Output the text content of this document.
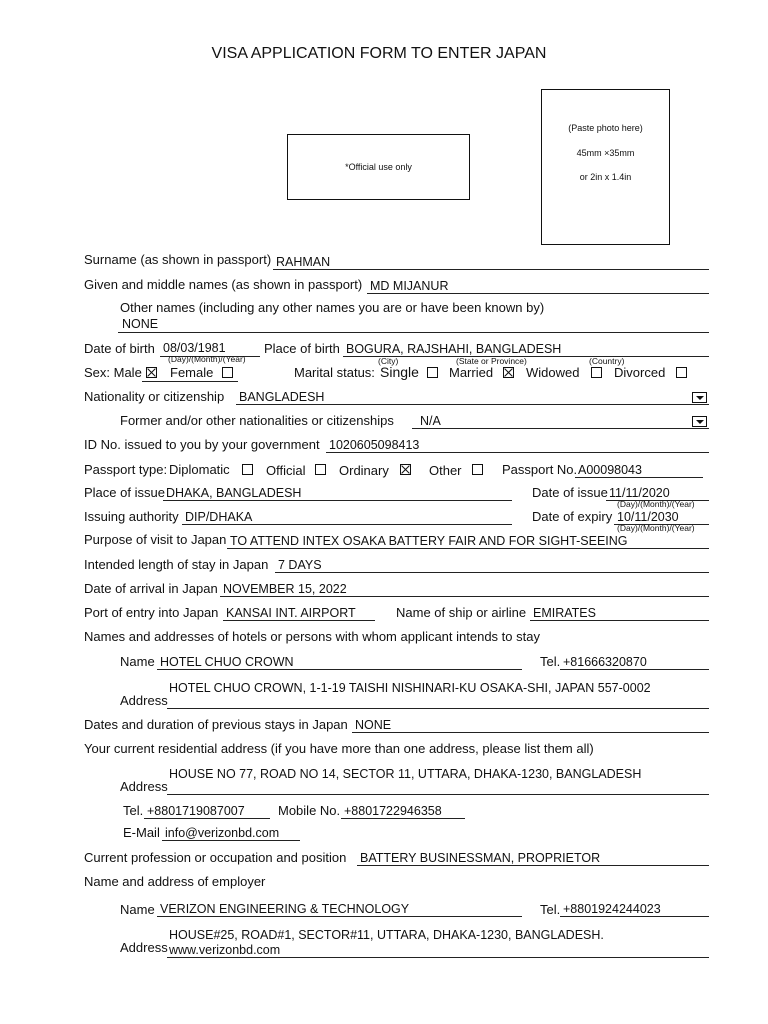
VISA APPLICATION FORM TO ENTER JAPAN
*Official use only
(Paste photo here)
45mm ×35mm
or 2in x 1.4in
Surname (as shown in passport) RAHMAN
Given and middle names (as shown in passport) MD MIJANUR
Other names (including any other names you are or have been known by)
NONE
Date of birth 08/03/1981
(Day)/(Month)/(Year)
Place of birth BOGURA, RAJSHAHI, BANGLADESH
(City)	(State or Province)	(Country)
Sex: Male Female	Marital status: Single Married	Widowed	Divorced
Nationality or citizenship BANGLADESH
Former and/or other nationalities or citizenships N/A
ID No. issued to you by your government 1020605098413
Passport type: Diplomatic	Official	Ordinary	Other	Passport No. A00098043
Place of issue DHAKA, BANGLADESH	Date of issue 11/11/2020
(Day)/(Month)/(Year)
Issuing authority DIP/DHAKA	Date of expiry 10/11/2030
(Day)/(Month)/(Year)
Purpose of visit to Japan TO ATTEND INTEX OSAKA BATTERY FAIR AND FOR SIGHT-SEEING
Intended length of stay in Japan 7 DAYS
Date of arrival in Japan NOVEMBER 15, 2022
Port of entry into Japan KANSAI INT. AIRPORT	Name of ship or airline EMIRATES
Names and addresses of hotels or persons with whom applicant intends to stay
Name HOTEL CHUO CROWN	Tel. +81666320870
HOTEL CHUO CROWN, 1-1-19 TAISHI NISHINARI-KU OSAKA-SHI, JAPAN 557-0002
Address
Dates and duration of previous stays in Japan NONE
Your current residential address (if you have more than one address, please list them all)
HOUSE NO 77, ROAD NO 14, SECTOR 11, UTTARA, DHAKA-1230, BANGLADESH
Address
Tel. +8801719087007	Mobile No. +8801722946358
E-Mail info@verizonbd.com
Current profession or occupation and position BATTERY BUSINESSMAN, PROPRIETOR
Name and address of employer
Name VERIZON ENGINEERING & TECHNOLOGY	Tel. +8801924244023
HOUSE#25, ROAD#1, SECTOR#11, UTTARA, DHAKA-1230, BANGLADESH.
Address www.verizonbd.com
